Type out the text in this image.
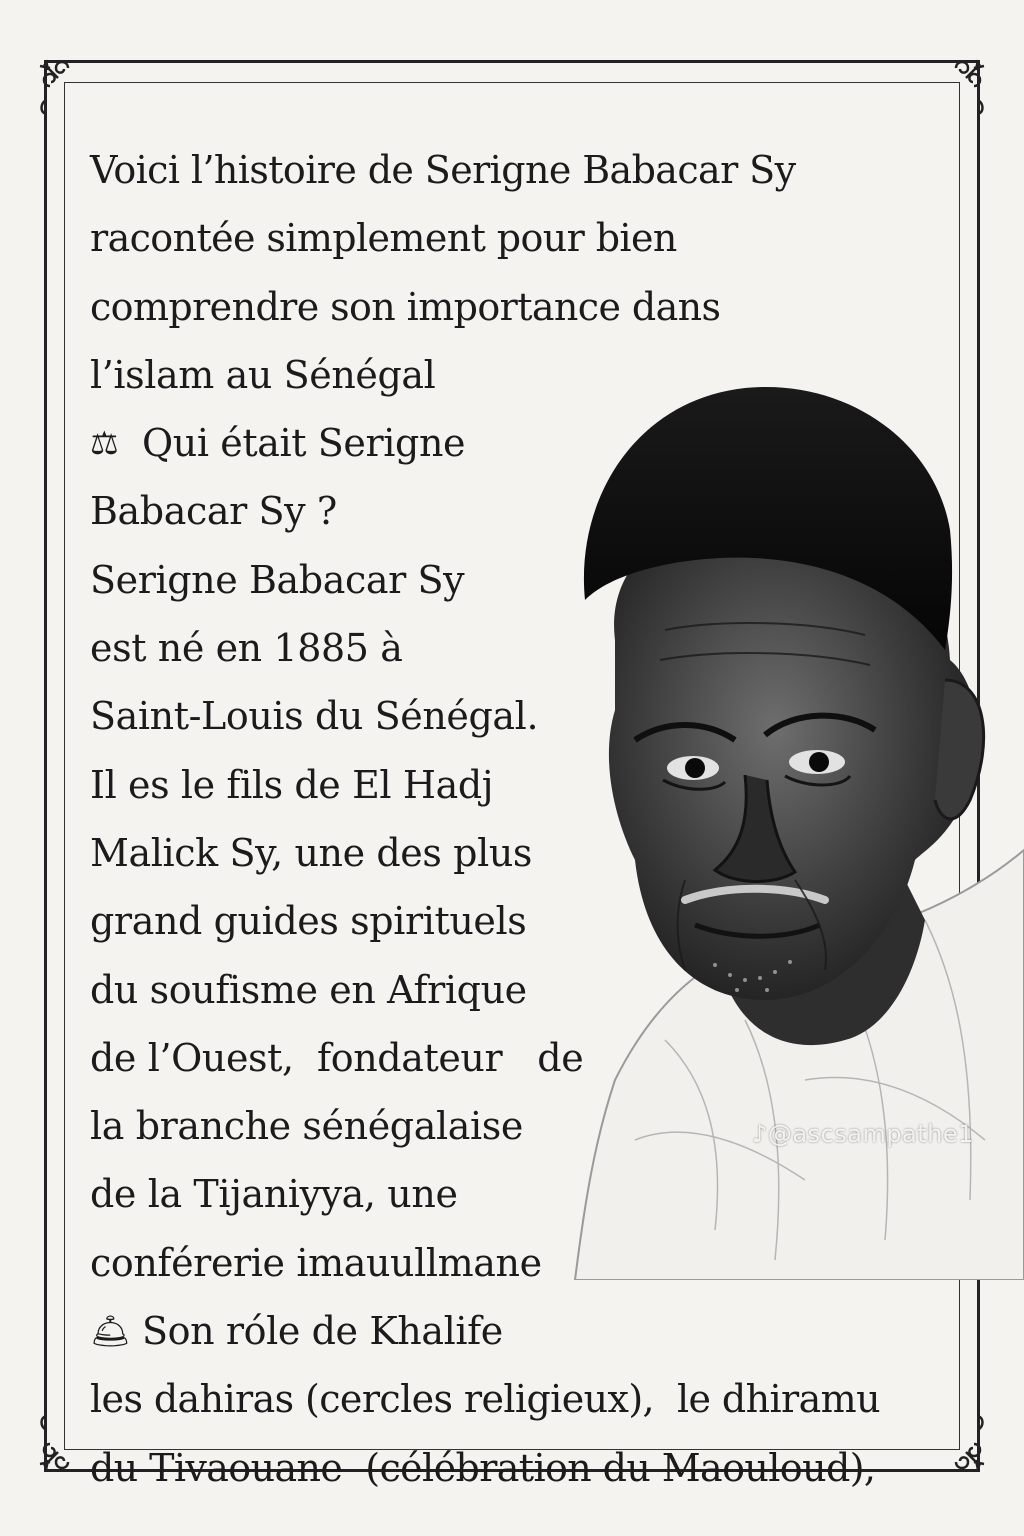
♪@ascsampathe1

Voici l’histoire de Serigne Babacar Sy

racontée simplement pour bien

comprendre son importance dans

l’islam au Sénégal

⚖ Qui était Serigne

Babacar Sy ?

Serigne Babacar Sy

est né en 1885 à

Saint-Louis du Sénégal.

Il es le fils de El Hadj

Malick Sy, une des plus

grand guides spirituels

du soufisme en Afrique

de l’Ouest,  fondateur   de

la branche sénégalaise

de la Tijaniyya, une

conférerie imauullmane

🛎 Son róle de Khalife

les dahiras (cercles religieux),  le dhiramu

du Tivaouane  (célébration du Maouloud),
